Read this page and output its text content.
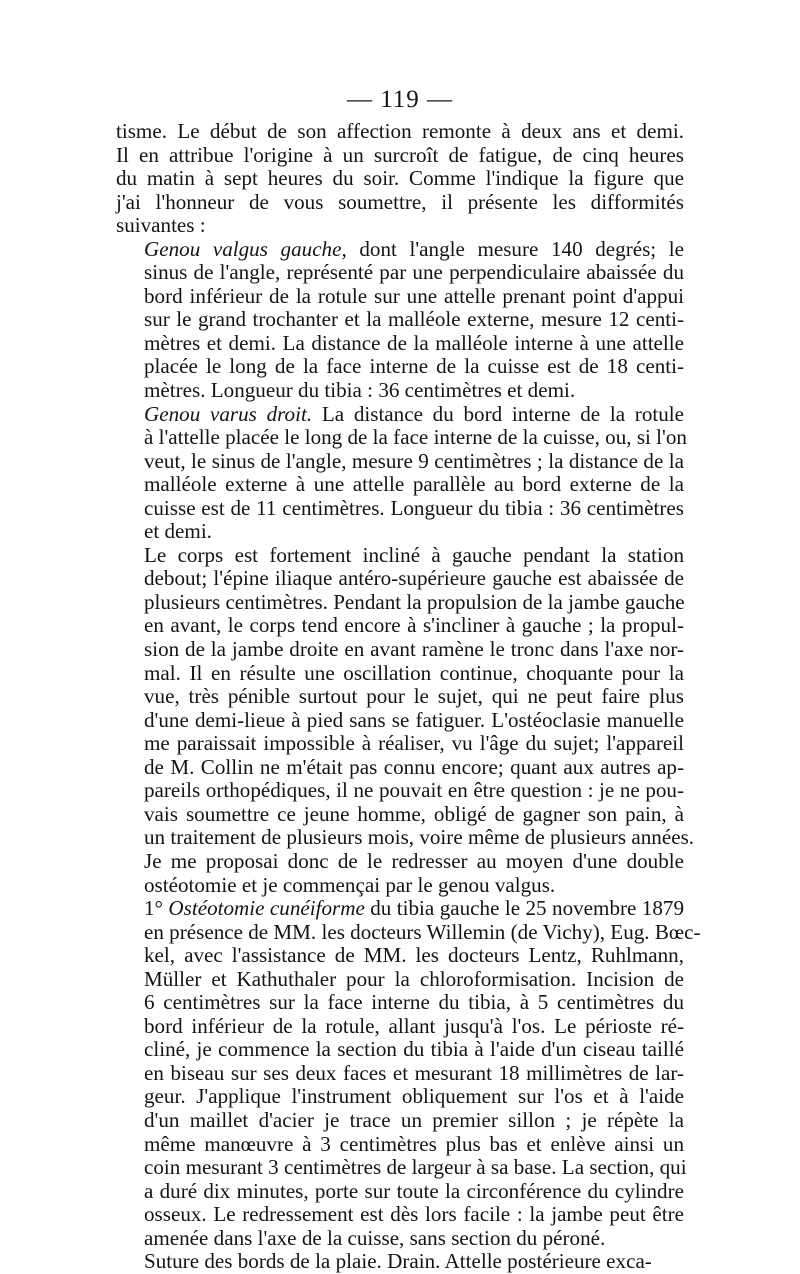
— 119 —

tisme. Le début de son affection remonte à deux ans et demi.
Il en attribue l'origine à un surcroît de fatigue, de cinq heures
du matin à sept heures du soir. Comme l'indique la figure que
j'ai l'honneur de vous soumettre, il présente les difformités
suivantes :

Genou valgus gauche, dont l'angle mesure 140 degrés; le
sinus de l'angle, représenté par une perpendiculaire abaissée du
bord inférieur de la rotule sur une attelle prenant point d'appui
sur le grand trochanter et la malléole externe, mesure 12 centi-
mètres et demi. La distance de la malléole interne à une attelle
placée le long de la face interne de la cuisse est de 18 centi-
mètres. Longueur du tibia : 36 centimètres et demi.

Genou varus droit. La distance du bord interne de la rotule
à l'attelle placée le long de la face interne de la cuisse, ou, si l'on
veut, le sinus de l'angle, mesure 9 centimètres ; la distance de la
malléole externe à une attelle parallèle au bord externe de la
cuisse est de 11 centimètres. Longueur du tibia : 36 centimètres
et demi.

Le corps est fortement incliné à gauche pendant la station
debout; l'épine iliaque antéro-supérieure gauche est abaissée de
plusieurs centimètres. Pendant la propulsion de la jambe gauche
en avant, le corps tend encore à s'incliner à gauche ; la propul-
sion de la jambe droite en avant ramène le tronc dans l'axe nor-
mal. Il en résulte une oscillation continue, choquante pour la
vue, très pénible surtout pour le sujet, qui ne peut faire plus
d'une demi-lieue à pied sans se fatiguer. L'ostéoclasie manuelle
me paraissait impossible à réaliser, vu l'âge du sujet; l'appareil
de M. Collin ne m'était pas connu encore; quant aux autres ap-
pareils orthopédiques, il ne pouvait en être question : je ne pou-
vais soumettre ce jeune homme, obligé de gagner son pain, à
un traitement de plusieurs mois, voire même de plusieurs années.
Je me proposai donc de le redresser au moyen d'une double
ostéotomie et je commençai par le genou valgus.

1° Ostéotomie cunéiforme du tibia gauche le 25 novembre 1879
en présence de MM. les docteurs Willemin (de Vichy), Eug. Bœc-
kel, avec l'assistance de MM. les docteurs Lentz, Ruhlmann,
Müller et Kathuthaler pour la chloroformisation. Incision de
6 centimètres sur la face interne du tibia, à 5 centimètres du
bord inférieur de la rotule, allant jusqu'à l'os. Le périoste ré-
cliné, je commence la section du tibia à l'aide d'un ciseau taillé
en biseau sur ses deux faces et mesurant 18 millimètres de lar-
geur. J'applique l'instrument obliquement sur l'os et à l'aide
d'un maillet d'acier je trace un premier sillon ; je répète la
même manœuvre à 3 centimètres plus bas et enlève ainsi un
coin mesurant 3 centimètres de largeur à sa base. La section, qui
a duré dix minutes, porte sur toute la circonférence du cylindre
osseux. Le redressement est dès lors facile : la jambe peut être
amenée dans l'axe de la cuisse, sans section du péroné.

Suture des bords de la plaie. Drain. Attelle postérieure exca-
